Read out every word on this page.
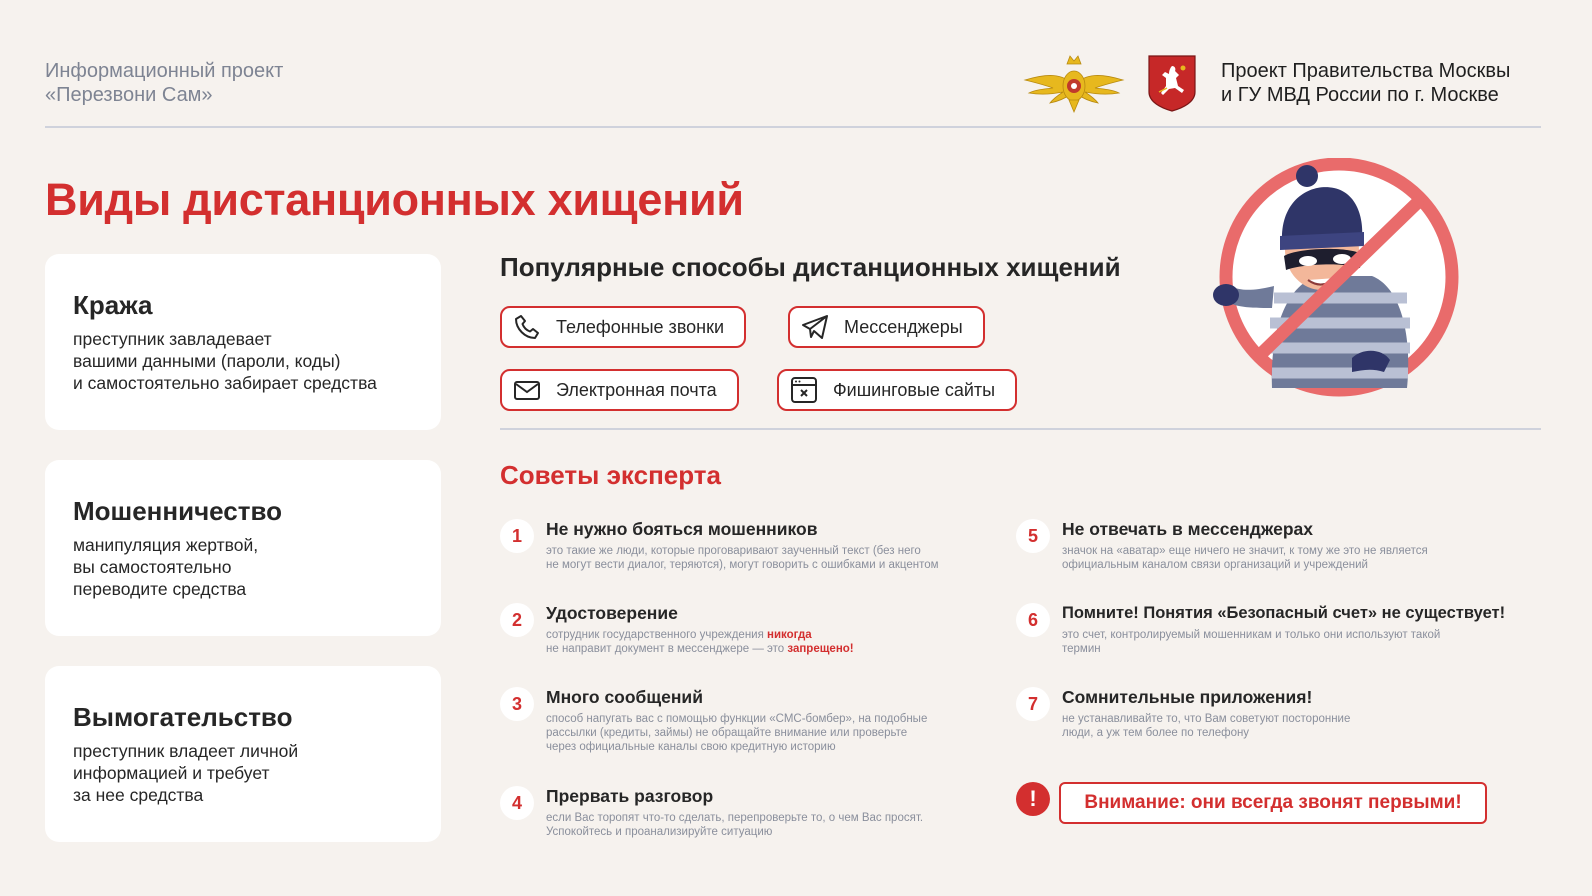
Информационный проект
«Перезвони Сам»
Проект Правительства Москвы
и ГУ МВД России по г. Москве
Виды дистанционных хищений
Кража

преступник завладевает
вашими данными (пароли, коды)
и самостоятельно забирает средства

Мошенничество

манипуляция жертвой,
вы самостоятельно
переводите средства

Вымогательство

преступник владеет личной
информацией и требует
за нее средства

Популярные способы дистанционных хищений
Телефонные звонки	Мессенджеры
Электронная почта	Фишинговые сайты
Советы эксперта
1	Не нужно бояться мошенников
это такие же люди, которые проговаривают заученный текст (без него
не могут вести диалог, теряются), могут говорить с ошибками и акцентом
2	Удостоверение
сотрудник государственного учреждения никогда
не направит документ в мессенджере — это запрещено!
3	Много сообщений
способ напугать вас с помощью функции «СМС-бомбер», на подобные
рассылки (кредиты, займы) не обращайте внимание или проверьте
через официальные каналы свою кредитную историю
4	Прервать разговор
если Вас торопят что-то сделать, перепроверьте то, о чем Вас просят.
Успокойтесь и проанализируйте ситуацию
5	Не отвечать в мессенджерах
значок на «аватар» еще ничего не значит, к тому же это не является
официальным каналом связи организаций и учреждений
6	Помните! Понятия «Безопасный счет» не существует!
это счет, контролируемый мошенникам и только они используют такой
термин
7	Сомнительные приложения!
не устанавливайте то, что Вам советуют посторонние
люди, а уж тем более по телефону
!	Внимание: они всегда звонят первыми!
